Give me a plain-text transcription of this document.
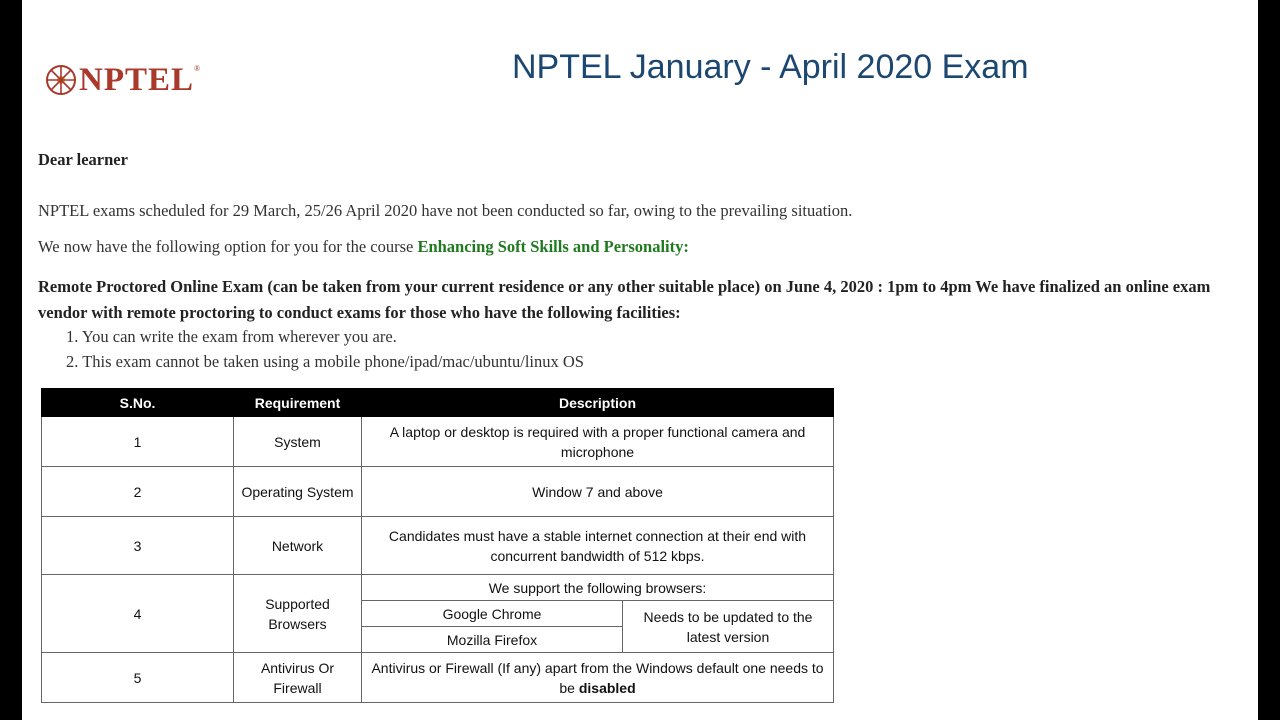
NPTEL ®	NPTEL January - April 2020 Exam
Dear learner
NPTEL exams scheduled for 29 March, 25/26 April 2020 have not been conducted so far, owing to the prevailing situation.
We now have the following option for you for the course Enhancing Soft Skills and Personality:
Remote Proctored Online Exam (can be taken from your current residence or any other suitable place) on June 4, 2020 : 1pm to 4pm We have finalized an online exam vendor with remote proctoring to conduct exams for those who have the following facilities:
1. You can write the exam from wherever you are.
2. This exam cannot be taken using a mobile phone/ipad/mac/ubuntu/linux OS
S.No.	Requirement	Description	
1	System	A laptop or desktop is required with a proper functional camera and microphone	
2	Operating System	Window 7 and above	
3	Network	Candidates must have a stable internet connection at their end with concurrent bandwidth of 512 kbps.	
4	Supported Browsers	We support the following browsers:	
		Google Chrome	Needs to be updated to the latest version
		Mozilla Firefox	
5	Antivirus Or Firewall	Antivirus or Firewall (If any) apart from the Windows default one needs to be disabled	
